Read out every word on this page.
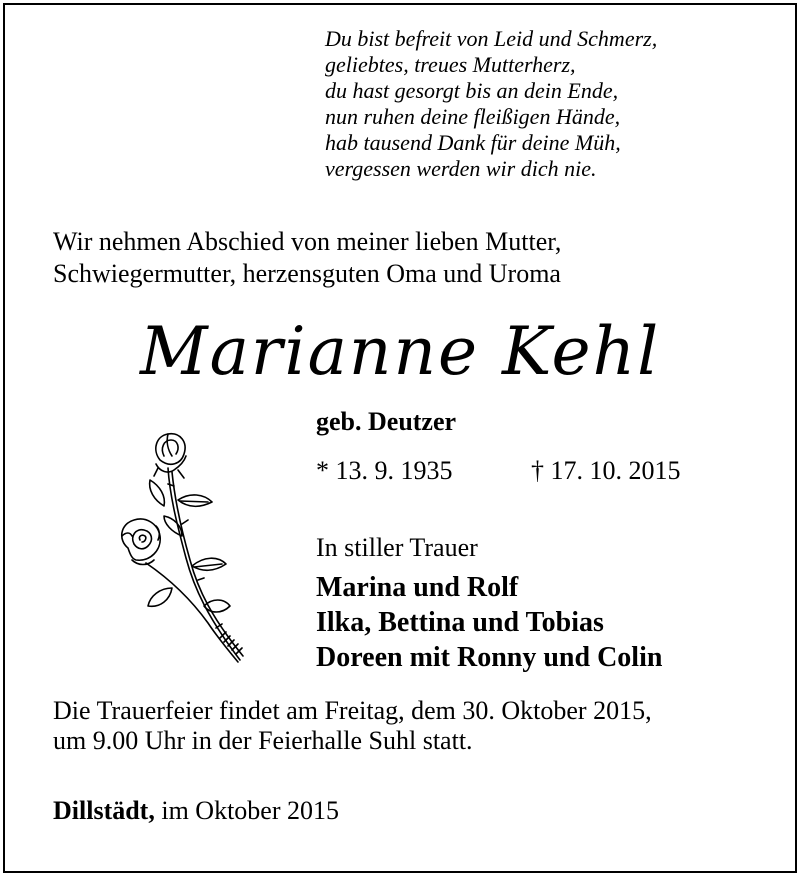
Du bist befreit von Leid und Schmerz,
geliebtes, treues Mutterherz,
du hast gesorgt bis an dein Ende,
nun ruhen deine fleißigen Hände,
hab tausend Dank für deine Müh,
vergessen werden wir dich nie.
Wir nehmen Abschied von meiner lieben Mutter,
Schwiegermutter, herzensguten Oma und Uroma
Marianne Kehl
geb. Deutzer
* 13. 9. 1935	† 17. 10. 2015
In stiller Trauer
Marina und Rolf
Ilka, Bettina und Tobias
Doreen mit Ronny und Colin
Die Trauerfeier findet am Freitag, dem 30. Oktober 2015,
um 9.00 Uhr in der Feierhalle Suhl statt.
Dillstädt, im Oktober 2015
